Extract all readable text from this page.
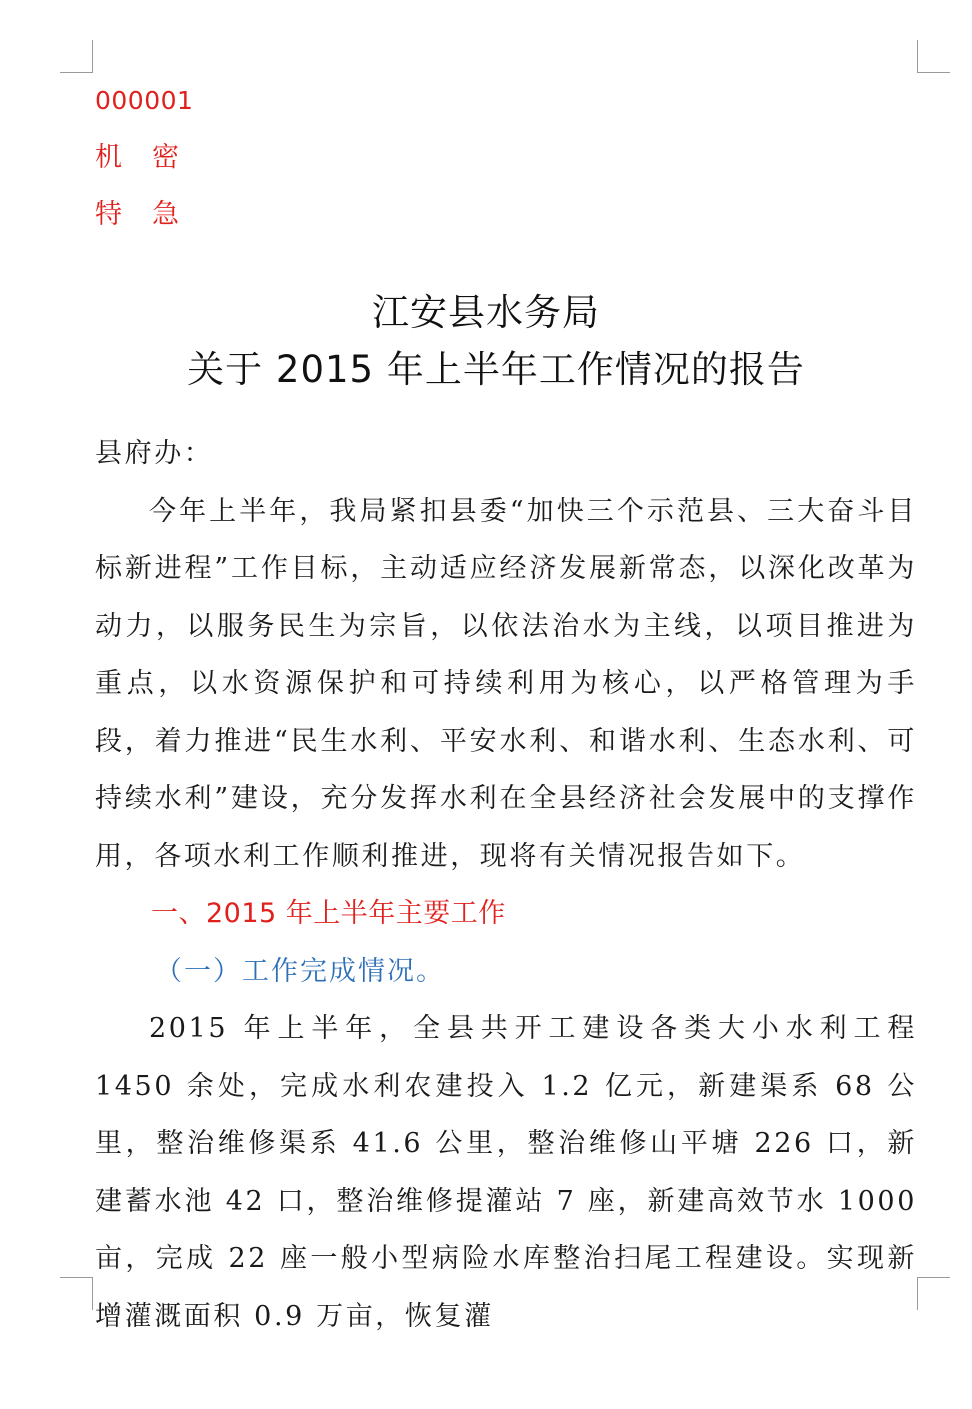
000001
机密
特急
江安县水务局
关于 2015 年上半年工作情况的报告

县府办：

今年上半年，我局紧扣县委“加快三个示范县、三大奋斗目标新进程”工作目标，主动适应经济发展新常态，以深化改革为动力，以服务民生为宗旨，以依法治水为主线，以项目推进为重点，以水资源保护和可持续利用为核心，以严格管理为手段，着力推进“民生水利、平安水利、和谐水利、生态水利、可持续水利”建设，充分发挥水利在全县经济社会发展中的支撑作用，各项水利工作顺利推进，现将有关情况报告如下。

一、2015 年上半年主要工作

（一）工作完成情况。

2015 年上半年，全县共开工建设各类大小水利工程 1450 余处，完成水利农建投入 1.2 亿元，新建渠系 68 公里，整治维修渠系 41.6 公里，整治维修山平塘 226 口，新建蓄水池 42 口，整治维修提灌站 7 座，新建高效节水 1000 亩，完成 22 座一般小型病险水库整治扫尾工程建设。实现新增灌溉面积 0.9 万亩，恢复灌
